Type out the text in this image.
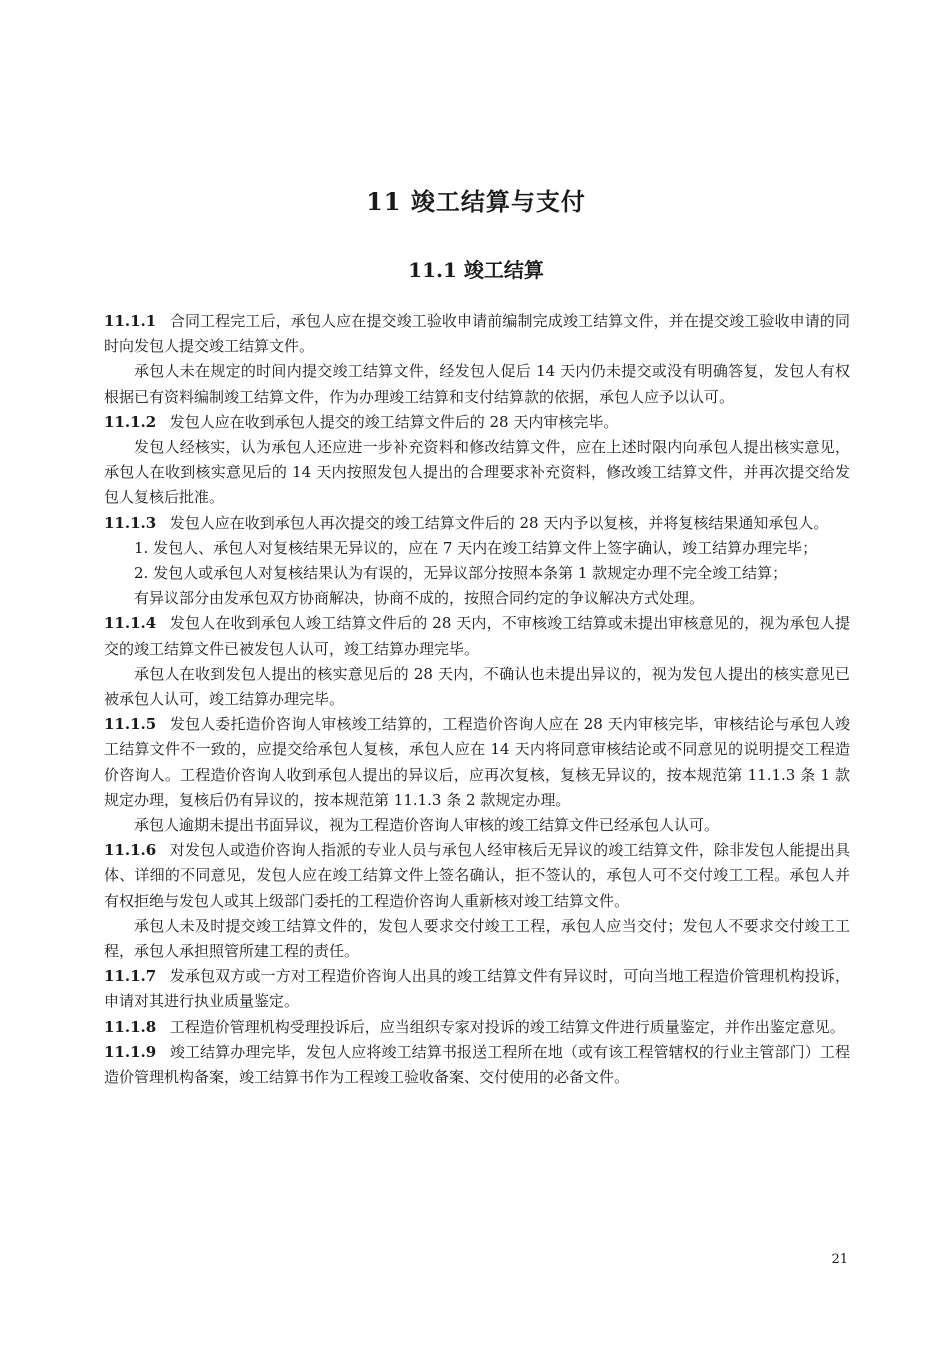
11 竣工结算与支付
11.1 竣工结算

11.1.1 合同工程完工后，承包人应在提交竣工验收申请前编制完成竣工结算文件，并在提交竣工验收申请的同时向发包人提交竣工结算文件。

承包人未在规定的时间内提交竣工结算文件，经发包人促后 14 天内仍未提交或没有明确答复，发包人有权根据已有资料编制竣工结算文件，作为办理竣工结算和支付结算款的依据，承包人应予以认可。

11.1.2 发包人应在收到承包人提交的竣工结算文件后的 28 天内审核完毕。

发包人经核实，认为承包人还应进一步补充资料和修改结算文件，应在上述时限内向承包人提出核实意见，承包人在收到核实意见后的 14 天内按照发包人提出的合理要求补充资料，修改竣工结算文件，并再次提交给发包人复核后批准。

11.1.3 发包人应在收到承包人再次提交的竣工结算文件后的 28 天内予以复核，并将复核结果通知承包人。

1. 发包人、承包人对复核结果无异议的，应在 7 天内在竣工结算文件上签字确认，竣工结算办理完毕；

2. 发包人或承包人对复核结果认为有误的，无异议部分按照本条第 1 款规定办理不完全竣工结算；

有异议部分由发承包双方协商解决，协商不成的，按照合同约定的争议解决方式处理。

11.1.4 发包人在收到承包人竣工结算文件后的 28 天内，不审核竣工结算或未提出审核意见的，视为承包人提交的竣工结算文件已被发包人认可，竣工结算办理完毕。

承包人在收到发包人提出的核实意见后的 28 天内，不确认也未提出异议的，视为发包人提出的核实意见已被承包人认可，竣工结算办理完毕。

11.1.5 发包人委托造价咨询人审核竣工结算的，工程造价咨询人应在 28 天内审核完毕，审核结论与承包人竣工结算文件不一致的，应提交给承包人复核，承包人应在 14 天内将同意审核结论或不同意见的说明提交工程造价咨询人。工程造价咨询人收到承包人提出的异议后，应再次复核，复核无异议的，按本规范第 11.1.3 条 1 款规定办理，复核后仍有异议的，按本规范第 11.1.3 条 2 款规定办理。

承包人逾期未提出书面异议，视为工程造价咨询人审核的竣工结算文件已经承包人认可。

11.1.6 对发包人或造价咨询人指派的专业人员与承包人经审核后无异议的竣工结算文件，除非发包人能提出具体、详细的不同意见，发包人应在竣工结算文件上签名确认，拒不签认的，承包人可不交付竣工工程。承包人并有权拒绝与发包人或其上级部门委托的工程造价咨询人重新核对竣工结算文件。

承包人未及时提交竣工结算文件的，发包人要求交付竣工工程，承包人应当交付；发包人不要求交付竣工工程，承包人承担照管所建工程的责任。

11.1.7 发承包双方或一方对工程造价咨询人出具的竣工结算文件有异议时，可向当地工程造价管理机构投诉，申请对其进行执业质量鉴定。

11.1.8 工程造价管理机构受理投诉后，应当组织专家对投诉的竣工结算文件进行质量鉴定，并作出鉴定意见。

11.1.9 竣工结算办理完毕，发包人应将竣工结算书报送工程所在地（或有该工程管辖权的行业主管部门）工程造价管理机构备案，竣工结算书作为工程竣工验收备案、交付使用的必备文件。

21
